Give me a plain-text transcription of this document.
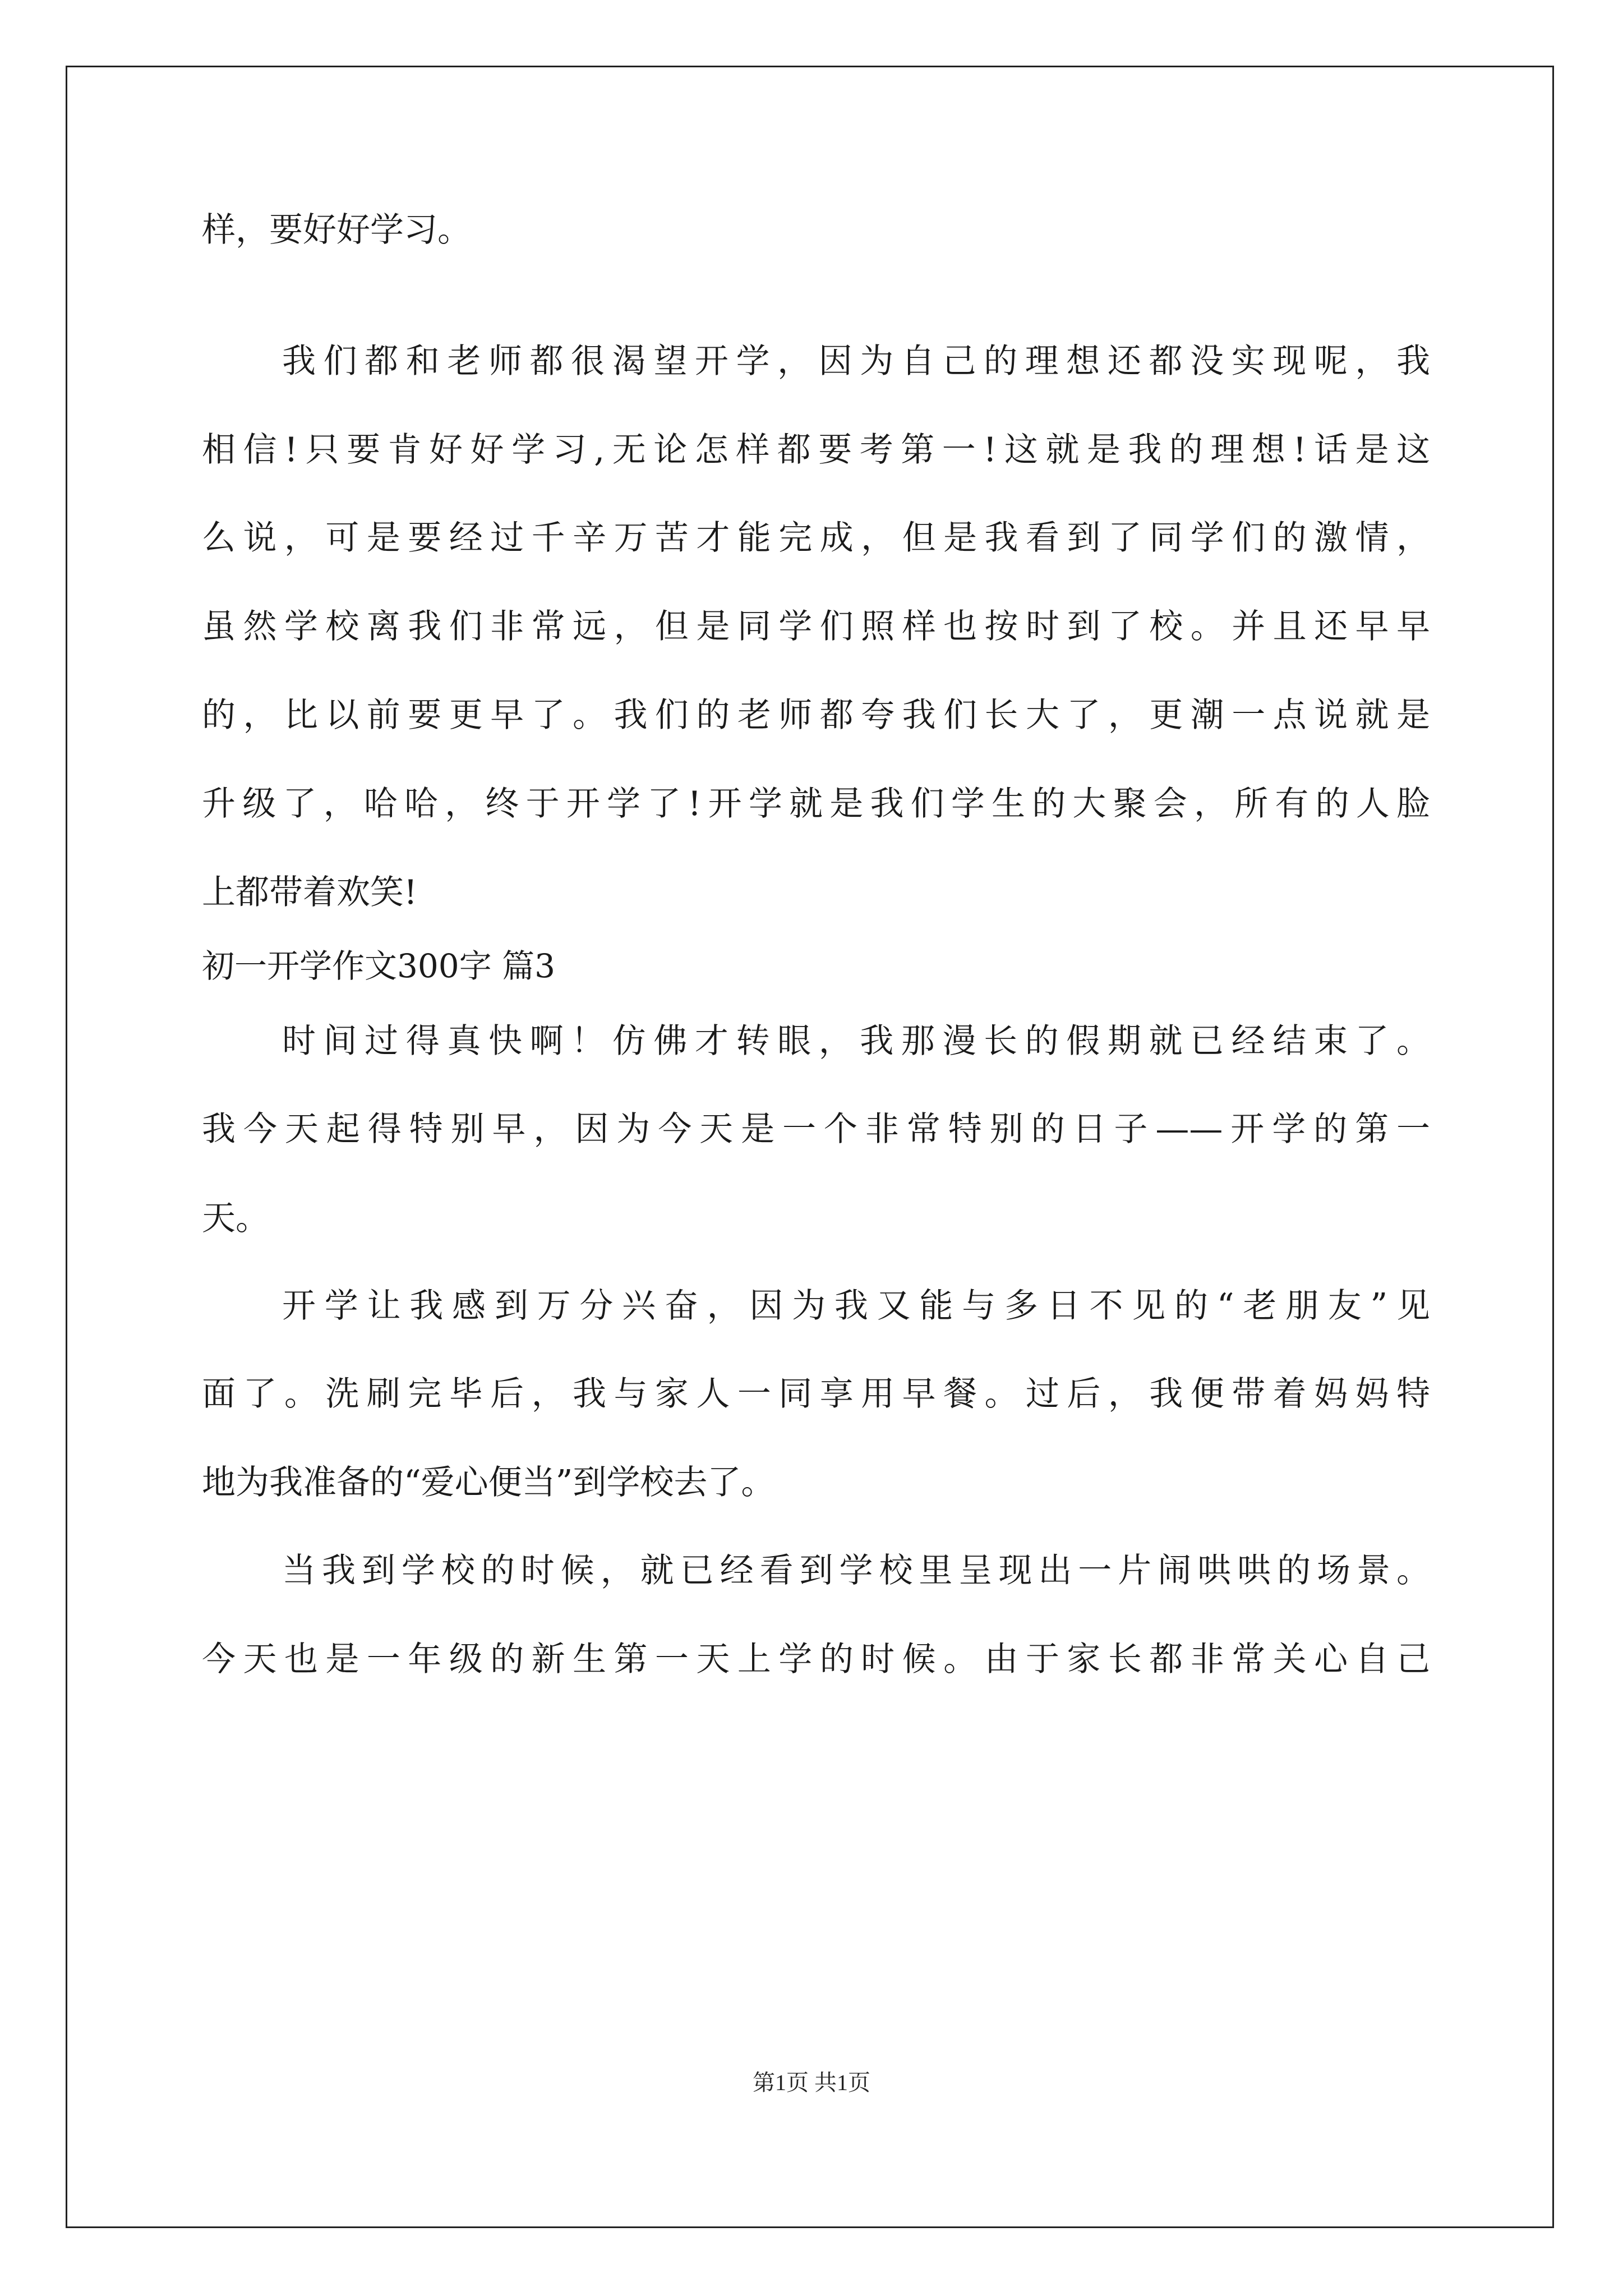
样，要好好学习。
我们都和老师都很渴望开学，因为自己的理想还都没实现呢，我
相信!只要肯好好学习,无论怎样都要考第一!这就是我的理想!话是这
么说，可是要经过千辛万苦才能完成，但是我看到了同学们的激情，
虽然学校离我们非常远，但是同学们照样也按时到了校。并且还早早
的，比以前要更早了。我们的老师都夸我们长大了，更潮一点说就是
升级了，哈哈，终于开学了!开学就是我们学生的大聚会，所有的人脸
上都带着欢笑!
初一开学作文300字 篇3
时间过得真快啊！仿佛才转眼，我那漫长的假期就已经结束了。
我今天起得特别早，因为今天是一个非常特别的日子——开学的第一
天。
开学让我感到万分兴奋，因为我又能与多日不见的“老朋友”见
面了。洗刷完毕后，我与家人一同享用早餐。过后，我便带着妈妈特
地为我准备的“爱心便当”到学校去了。
当我到学校的时候，就已经看到学校里呈现出一片闹哄哄的场景。
今天也是一年级的新生第一天上学的时候。由于家长都非常关心自己
第1页 共1页
